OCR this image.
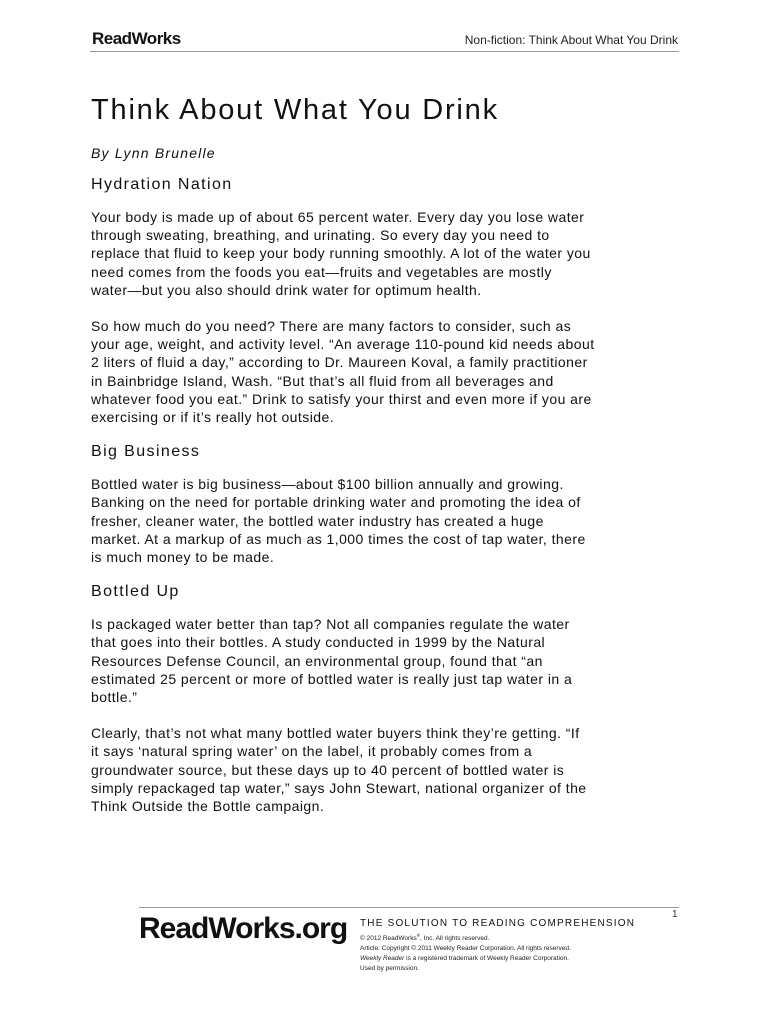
ReadWorks	Non-fiction: Think About What You Drink
Think About What You Drink

By Lynn Brunelle

Hydration Nation

Your body is made up of about 65 percent water. Every day you lose water
through sweating, breathing, and urinating. So every day you need to
replace that fluid to keep your body running smoothly. A lot of the water you
need comes from the foods you eat—fruits and vegetables are mostly
water—but you also should drink water for optimum health.

So how much do you need? There are many factors to consider, such as
your age, weight, and activity level. “An average 110-pound kid needs about
2 liters of fluid a day,” according to Dr. Maureen Koval, a family practitioner
in Bainbridge Island, Wash. “But that’s all fluid from all beverages and
whatever food you eat.” Drink to satisfy your thirst and even more if you are
exercising or if it’s really hot outside.

Big Business

Bottled water is big business—about $100 billion annually and growing.
Banking on the need for portable drinking water and promoting the idea of
fresher, cleaner water, the bottled water industry has created a huge
market. At a markup of as much as 1,000 times the cost of tap water, there
is much money to be made.

Bottled Up

Is packaged water better than tap? Not all companies regulate the water
that goes into their bottles. A study conducted in 1999 by the Natural
Resources Defense Council, an environmental group, found that “an
estimated 25 percent or more of bottled water is really just tap water in a
bottle.”

Clearly, that’s not what many bottled water buyers think they’re getting. “If
it says ‘natural spring water’ on the label, it probably comes from a
groundwater source, but these days up to 40 percent of bottled water is
simply repackaged tap water,” says John Stewart, national organizer of the
Think Outside the Bottle campaign.

1
ReadWorks.org THE SOLUTION TO READING COMPREHENSION
© 2012 ReadWorks®, Inc. All rights reserved.
Article: Copyright © 2011 Weekly Reader Corporation. All rights reserved.
Weekly Reader is a registered trademark of Weekly Reader Corporation.
Used by permission.
